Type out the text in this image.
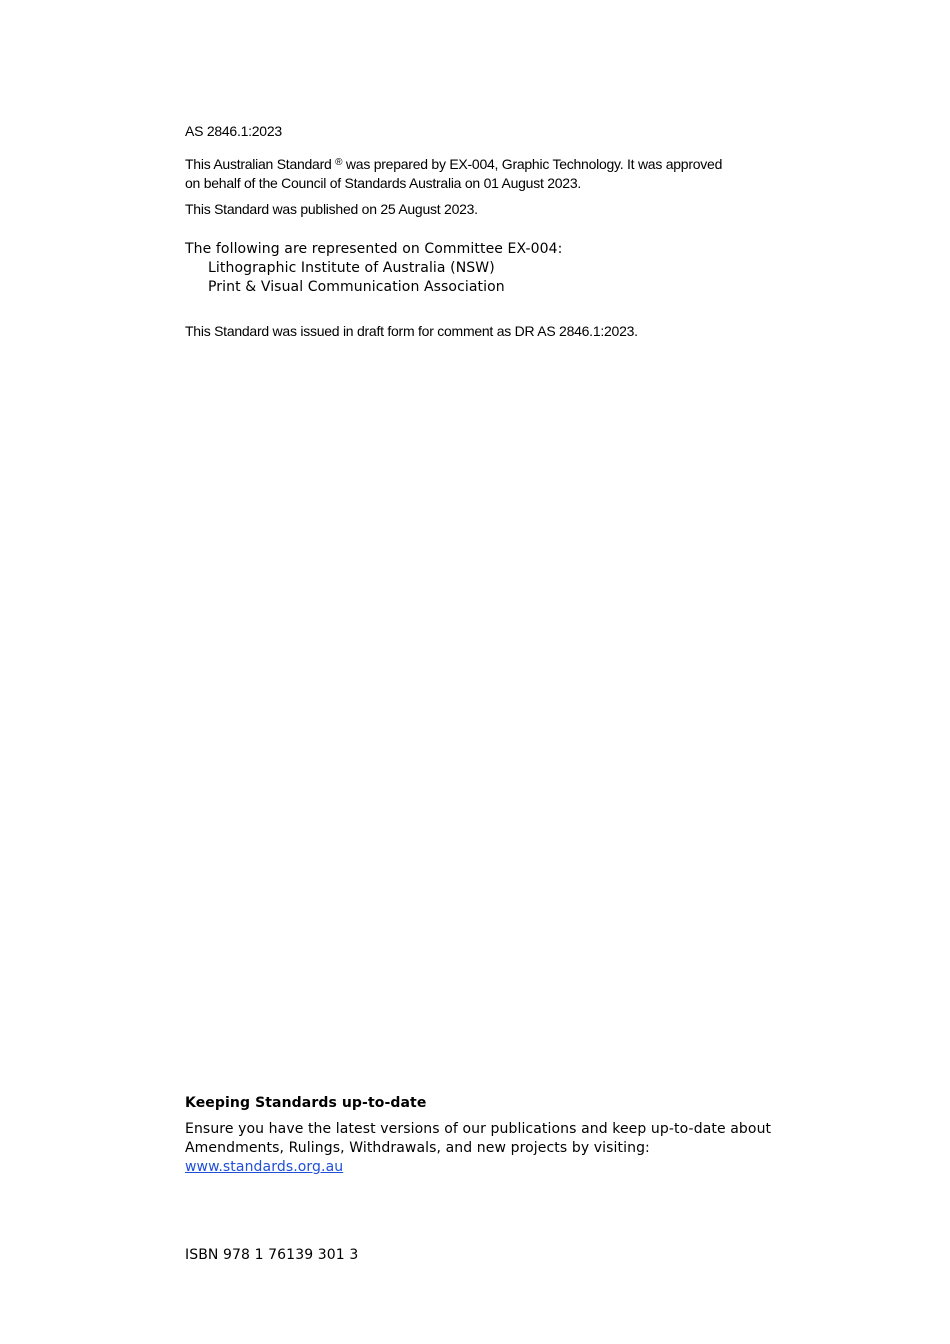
AS 2846.1:2023
This Australian Standard ® was prepared by EX-004, Graphic Technology. It was approved
on behalf of the Council of Standards Australia on 01 August 2023.
This Standard was published on 25 August 2023.
The following are represented on Committee EX-004:
Lithographic Institute of Australia (NSW)
Print & Visual Communication Association
This Standard was issued in draft form for comment as DR AS 2846.1:2023.
Keeping Standards up-to-date
Ensure you have the latest versions of our publications and keep up-to-date about
Amendments, Rulings, Withdrawals, and new projects by visiting:
www.standards.org.au
ISBN 978 1 76139 301 3
